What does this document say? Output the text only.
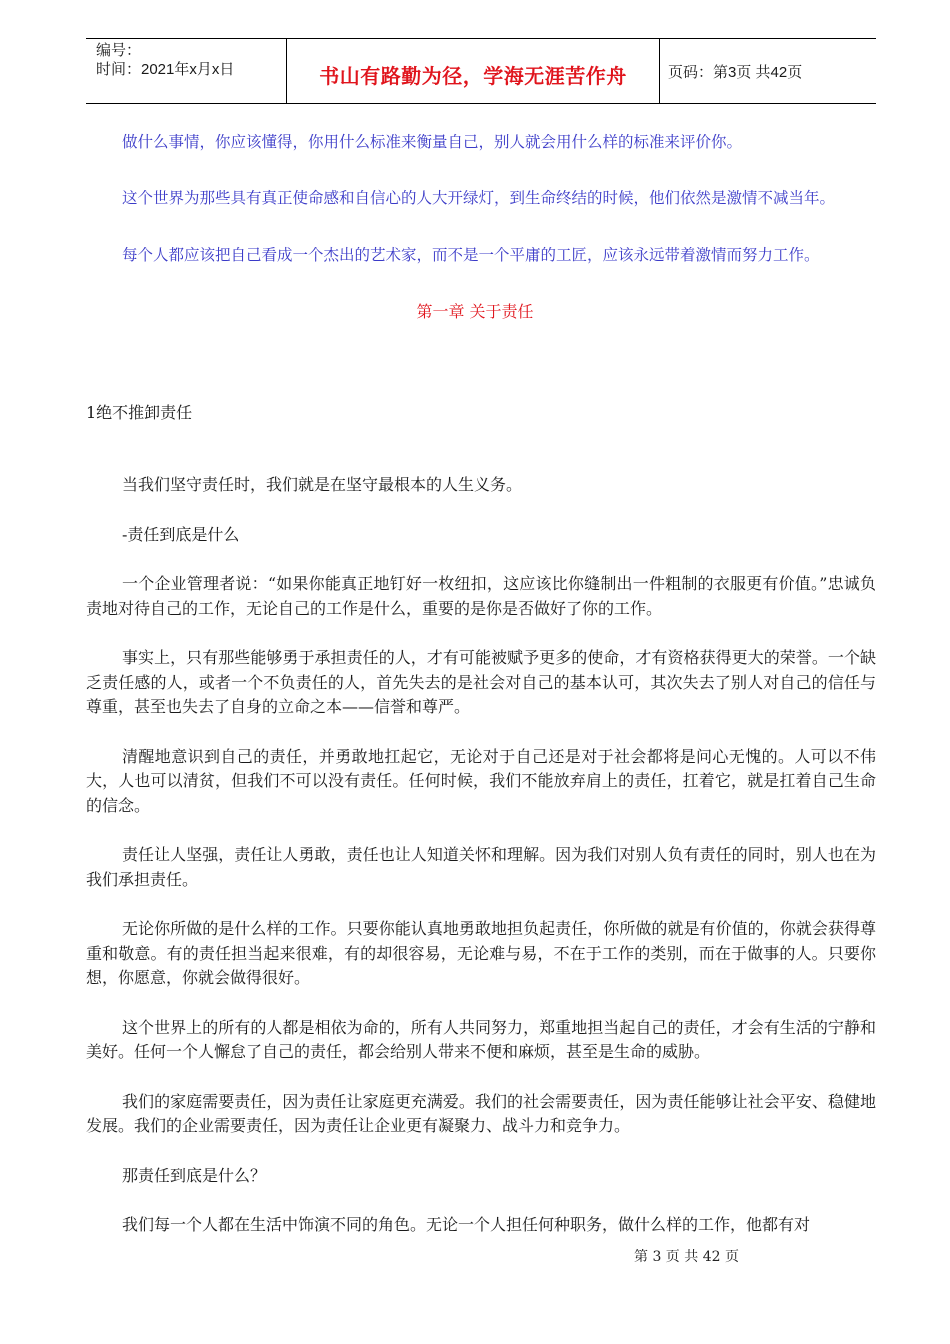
编号：
时间：2021年x月x日	书山有路勤为径，学海无涯苦作舟	页码：第3页 共42页
做什么事情，你应该懂得，你用什么标准来衡量自己，别人就会用什么样的标准来评价你。
这个世界为那些具有真正使命感和自信心的人大开绿灯，到生命终结的时候，他们依然是激情不减当年。
每个人都应该把自己看成一个杰出的艺术家，而不是一个平庸的工匠，应该永远带着激情而努力工作。
第一章 关于责任
1绝不推卸责任

当我们坚守责任时，我们就是在坚守最根本的人生义务。

-责任到底是什么

一个企业管理者说：“如果你能真正地钉好一枚纽扣，这应该比你缝制出一件粗制的衣服更有价值。”忠诚负责地对待自己的工作，无论自己的工作是什么，重要的是你是否做好了你的工作。

事实上，只有那些能够勇于承担责任的人，才有可能被赋予更多的使命，才有资格获得更大的荣誉。一个缺乏责任感的人，或者一个不负责任的人，首先失去的是社会对自己的基本认可，其次失去了别人对自己的信任与尊重，甚至也失去了自身的立命之本——信誉和尊严。

清醒地意识到自己的责任，并勇敢地扛起它，无论对于自己还是对于社会都将是问心无愧的。人可以不伟大，人也可以清贫，但我们不可以没有责任。任何时候，我们不能放弃肩上的责任，扛着它，就是扛着自己生命的信念。

责任让人坚强，责任让人勇敢，责任也让人知道关怀和理解。因为我们对别人负有责任的同时，别人也在为我们承担责任。

无论你所做的是什么样的工作。只要你能认真地勇敢地担负起责任，你所做的就是有价值的，你就会获得尊重和敬意。有的责任担当起来很难，有的却很容易，无论难与易，不在于工作的类别，而在于做事的人。只要你想，你愿意，你就会做得很好。

这个世界上的所有的人都是相依为命的，所有人共同努力，郑重地担当起自己的责任，才会有生活的宁静和美好。任何一个人懈怠了自己的责任，都会给别人带来不便和麻烦，甚至是生命的威胁。

我们的家庭需要责任，因为责任让家庭更充满爱。我们的社会需要责任，因为责任能够让社会平安、稳健地发展。我们的企业需要责任，因为责任让企业更有凝聚力、战斗力和竞争力。

那责任到底是什么？

我们每一个人都在生活中饰演不同的角色。无论一个人担任何种职务，做什么样的工作，他都有对

第 3 页 共 42 页
